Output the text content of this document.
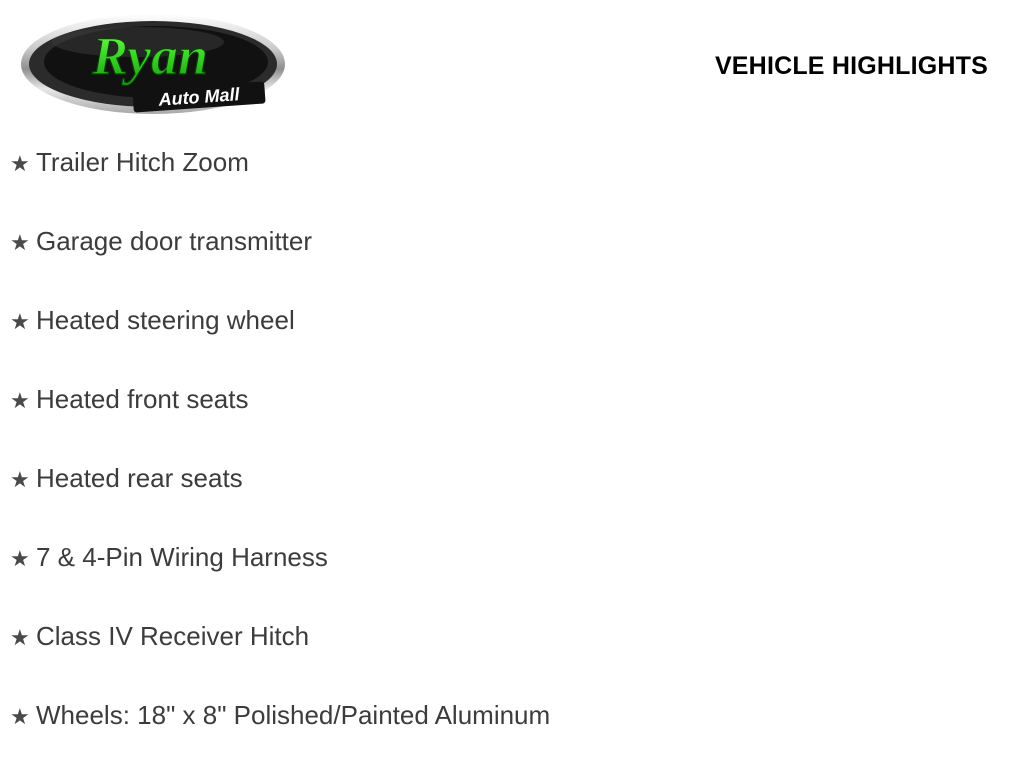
Ryan
Auto Mall
VEHICLE HIGHLIGHTS
★ Trailer Hitch Zoom
★ Garage door transmitter
★ Heated steering wheel
★ Heated front seats
★ Heated rear seats
★ 7 & 4-Pin Wiring Harness
★ Class IV Receiver Hitch
★ Wheels: 18" x 8" Polished/Painted Aluminum
